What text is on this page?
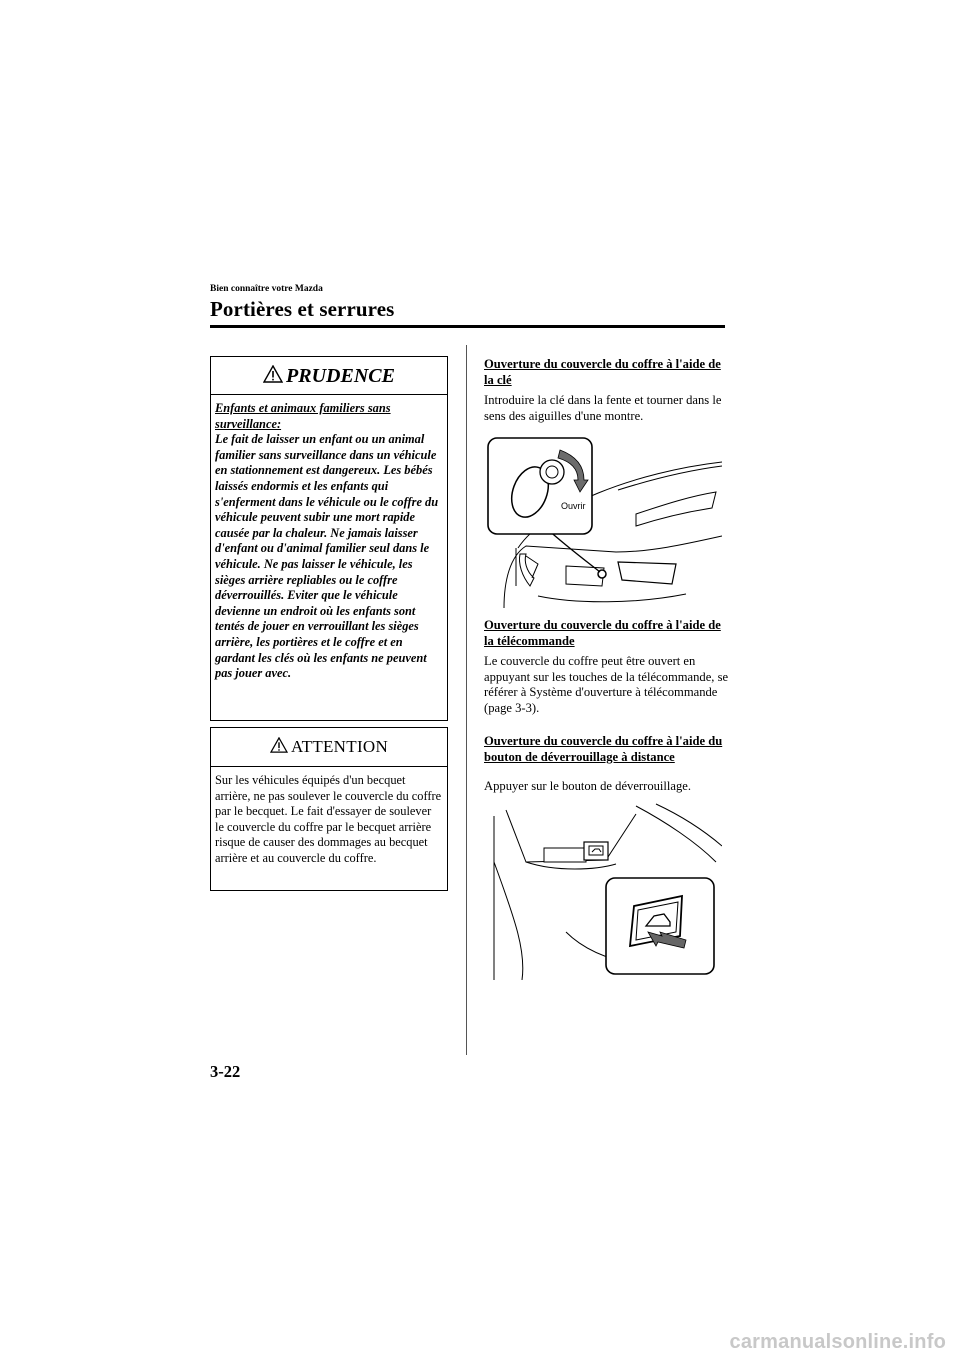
Bien connaître votre Mazda
Portières et serrures
PRUDENCE
Enfants et animaux familiers sans surveillance:
Le fait de laisser un enfant ou un animal familier sans surveillance dans un véhicule en stationnement est dangereux. Les bébés laissés endormis et les enfants qui s'enferment dans le véhicule ou le coffre du véhicule peuvent subir une mort rapide causée par la chaleur. Ne jamais laisser d'enfant ou d'animal familier seul dans le véhicule. Ne pas laisser le véhicule, les sièges arrière repliables ou le coffre déverrouillés. Eviter que le véhicule devienne un endroit où les enfants sont tentés de jouer en verrouillant les sièges arrière, les portières et le coffre et en gardant les clés où les enfants ne peuvent pas jouer avec.
ATTENTION
Sur les véhicules équipés d'un becquet arrière, ne pas soulever le couvercle du coffre par le becquet. Le fait d'essayer de soulever le couvercle du coffre par le becquet arrière risque de causer des dommages au becquet arrière et au couvercle du coffre.
Ouverture du couvercle du coffre à l'aide de la clé
Introduire la clé dans la fente et tourner dans le sens des aiguilles d'une montre.
Ouvrir
Ouverture du couvercle du coffre à l'aide de la télécommande
Le couvercle du coffre peut être ouvert en appuyant sur les touches de la télécommande, se référer à Système d'ouverture à télécommande (page 3-3).
Ouverture du couvercle du coffre à l'aide du bouton de déverrouillage à distance
Appuyer sur le bouton de déverrouillage.
3-22
carmanualsonline.info
